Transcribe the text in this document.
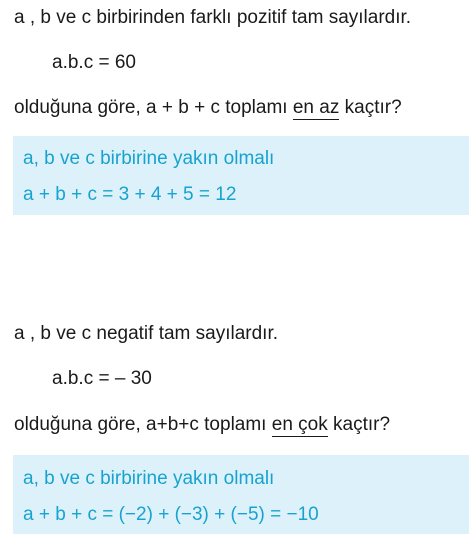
a , b ve c birbirinden farklı pozitif tam sayılardır.
a.b.c = 60
olduğuna göre, a + b + c toplamı en az kaçtır?
a, b ve c birbirine yakın olmalı
a + b + c = 3 + 4 + 5 = 12
a , b ve c negatif tam sayılardır.
a.b.c = – 30
olduğuna göre, a+b+c toplamı en çok kaçtır?
a, b ve c birbirine yakın olmalı
a + b + c = (−2) + (−3) + (−5) = −10
